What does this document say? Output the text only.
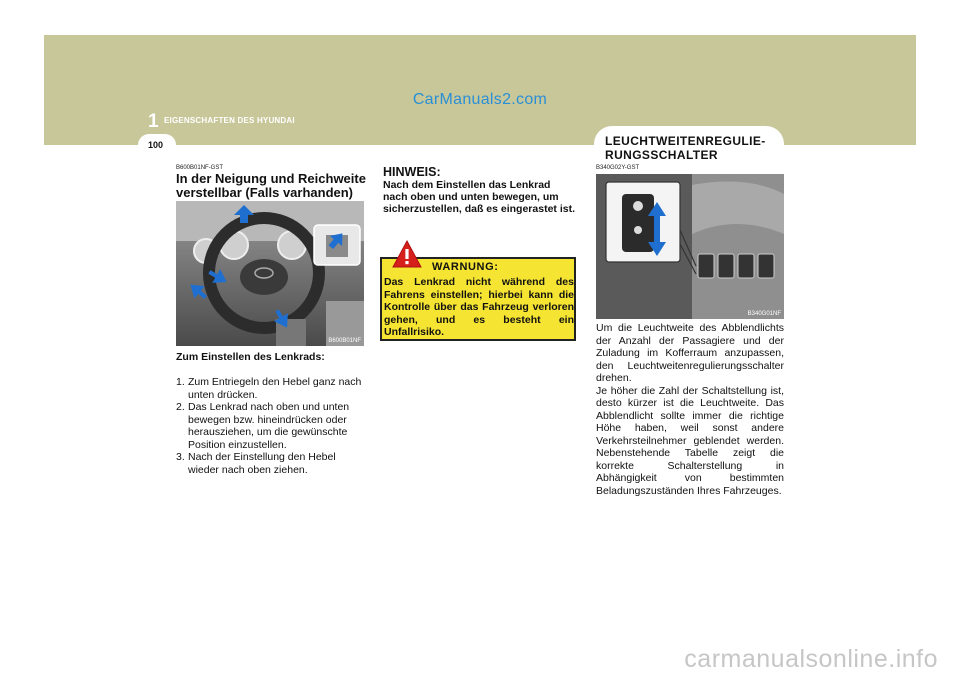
CarManuals2.com
1 EIGENSCHAFTEN DES HYUNDAI
100	LEUCHTWEITENREGULIE-RUNGSSCHALTER
B600B01NF-GST
In der Neigung und Reichweite verstellbar (Falls varhanden)
B600B01NF
Zum Einstellen des Lenkrads:
1. Zum Entriegeln den Hebel ganz nach unten drücken.
2. Das Lenkrad nach oben und unten bewegen bzw. hineindrücken oder herausziehen, um die gewünschte Position einzustellen.
3. Nach der Einstellung den Hebel wieder nach oben ziehen.
HINWEIS:
Nach dem Einstellen das Lenkrad nach oben und unten bewegen, um sicherzustellen, daß es eingerastet ist.
WARNUNG:
Das Lenkrad nicht während des Fahrens einstellen; hierbei kann die Kontrolle über das Fahrzeug verloren gehen, und es besteht ein Unfallrisiko.
B340G02Y-GST
B340G01NF

Um die Leuchtweite des Abblendlichts der Anzahl der Passagiere und der Zuladung im Kofferraum anzupassen, den Leuchtweitenregulierungsschalter drehen.

Je höher die Zahl der Schaltstellung ist, desto kürzer ist die Leuchtweite. Das Abblendlicht sollte immer die richtige Höhe haben, weil sonst andere Verkehrsteilnehmer geblendet werden. Nebenstehende Tabelle zeigt die korrekte Schalterstellung in Abhängigkeit von bestimmten Beladungszuständen Ihres Fahrzeuges.

carmanualsonline.info
